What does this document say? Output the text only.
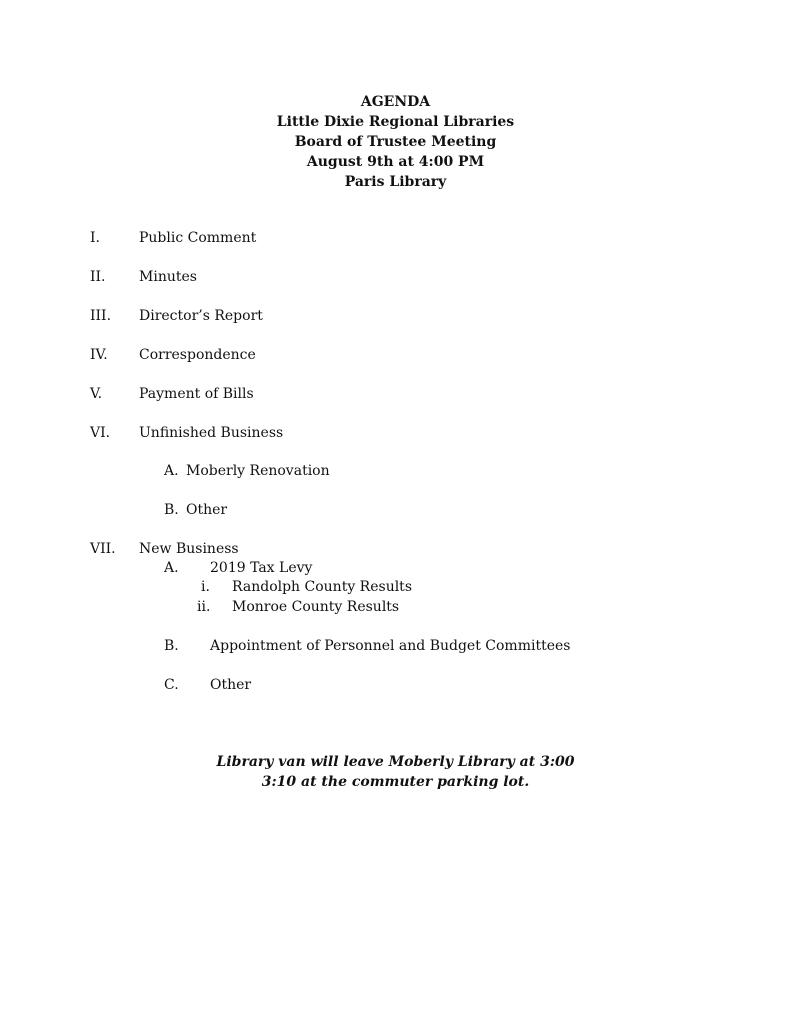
AGENDA
Little Dixie Regional Libraries
Board of Trustee Meeting
August 9th at 4:00 PM
Paris Library
I.	Public Comment
II. Minutes
III. Director’s Report
IV. Correspondence
V.	Payment of Bills
VI. Unfinished Business
A. Moberly Renovation
B. Other
VII. New Business
A. 2019 Tax Levy
i. Randolph County Results
ii. Monroe County Results
B. Appointment of Personnel and Budget Committees
C. Other
Library van will leave Moberly Library at 3:00
3:10 at the commuter parking lot.
